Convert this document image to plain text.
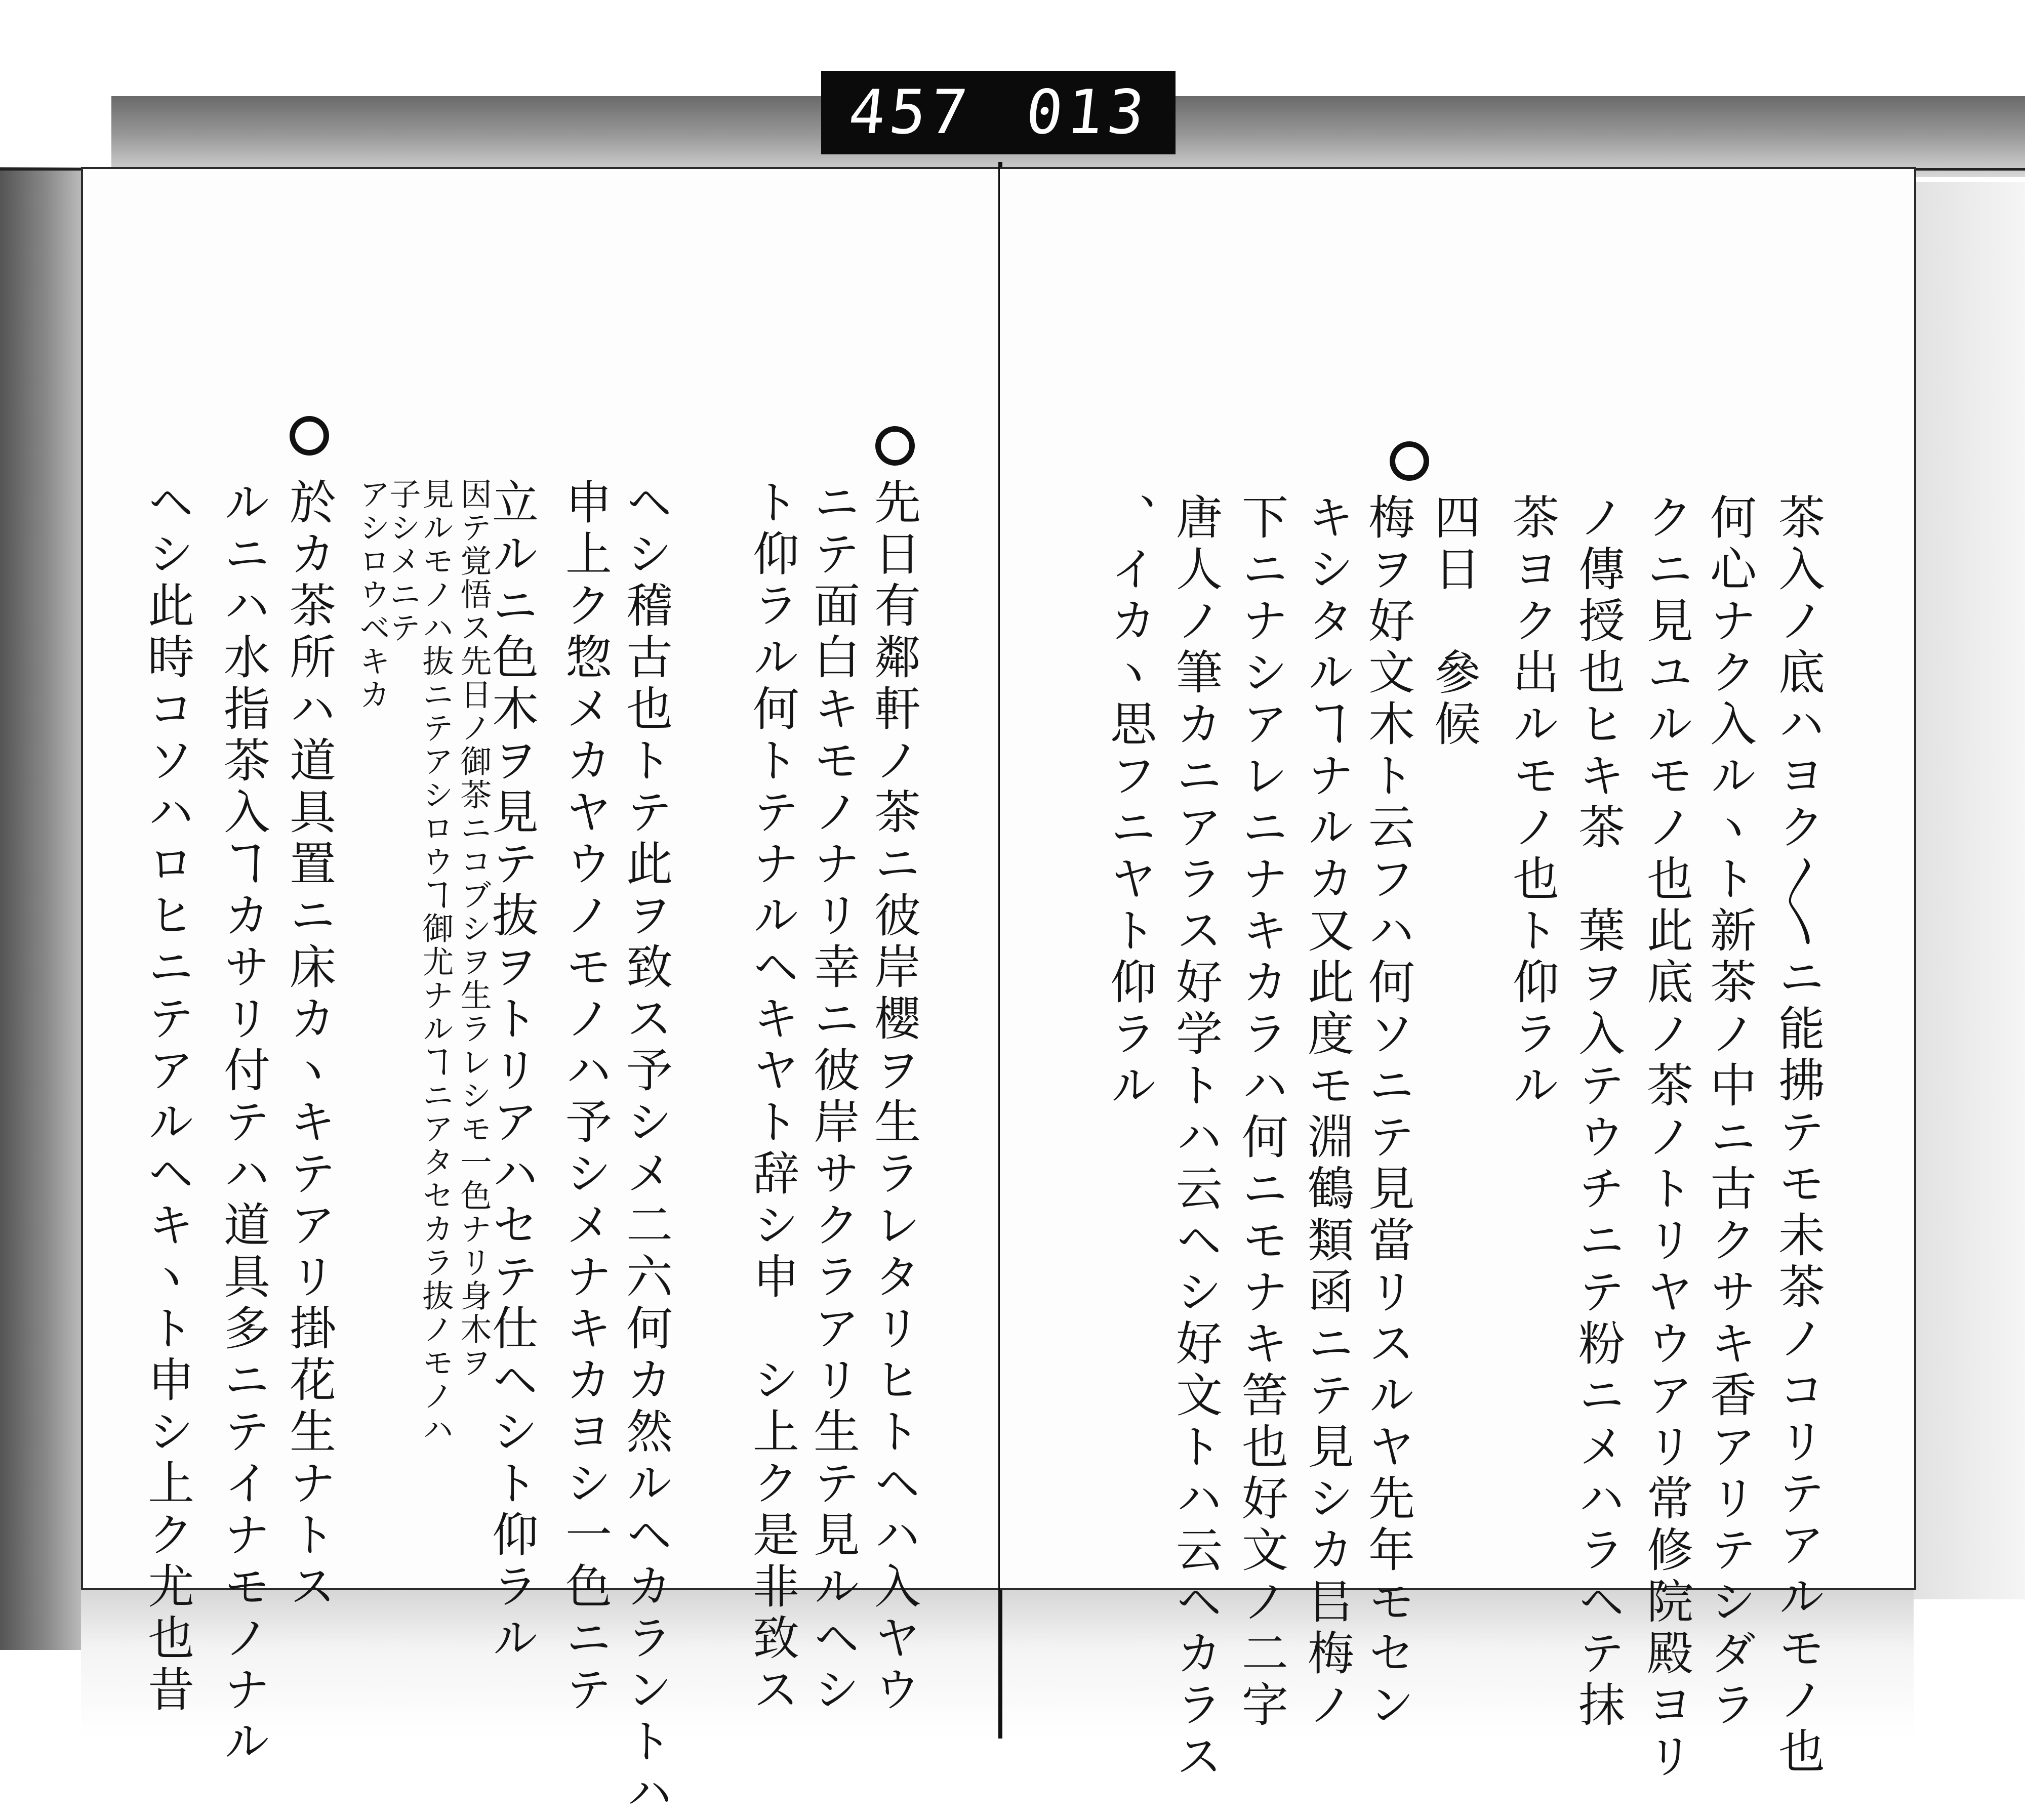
457 013
先日有鄰軒ノ茶ニ彼岸櫻ヲ生ラレタリヒトヘハ入ヤウ
ニテ面白キモノナリ幸ニ彼岸サクラアリ生テ見ルヘシ
ト仰ラル何トテナルヘキヤト辞シ申　シ上ク是非致ス
ヘシ稽古也トテ此ヲ致ス予シメ二六何カ然ルヘカラントハ
申上ク惣メカヤウノモノハ予シメナキカヨシ一色ニテ
立ルニ色木ヲ見テ抜ヲトリアハセテ仕ヘシト仰ラル
因テ覚悟ス先日ノ御茶ニコブシヲ生ラレシモ一色ナリ身木ヲ
見ルモノハ抜ニテアシロウヿ御尤ナルヿニアタセカラ抜ノモノハ
子シメニテ
アシロウベキカ
於カ茶所ハ道具置ニ床カヽキテアリ掛花生ナトス
ルニハ水指茶入ヿカサリ付テハ道具多ニテイナモノナル
ヘシ此時コソハロヒニテアルヘキヽト申シ上ク尤也昔	茶入ノ底ハヨク〳〵ニ能拂テモ未茶ノコリテアルモノ也
何心ナク入ルヽト新茶ノ中ニ古クサキ香アリテシダラ
クニ見ユルモノ也此底ノ茶ノトリヤウアリ常修院殿ヨリ
ノ傳授也ヒキ茶　葉ヲ入テウチニテ粉ニメハラヘテ抹
茶ヨク出ルモノ也ト仰ラル
四日　參候
梅ヲ好文木ト云フハ何ソニテ見當リスルヤ先年モセン
キシタルヿナルカ又此度モ淵鶴類函ニテ見シカ㠯梅ノ
下ニナシアレニナキカラハ何ニモナキ筈也好文ノ二字
唐人ノ筆カニアラス好学トハ云ヘシ好文トハ云ヘカラス
、イカヽ思フニヤト仰ラル
